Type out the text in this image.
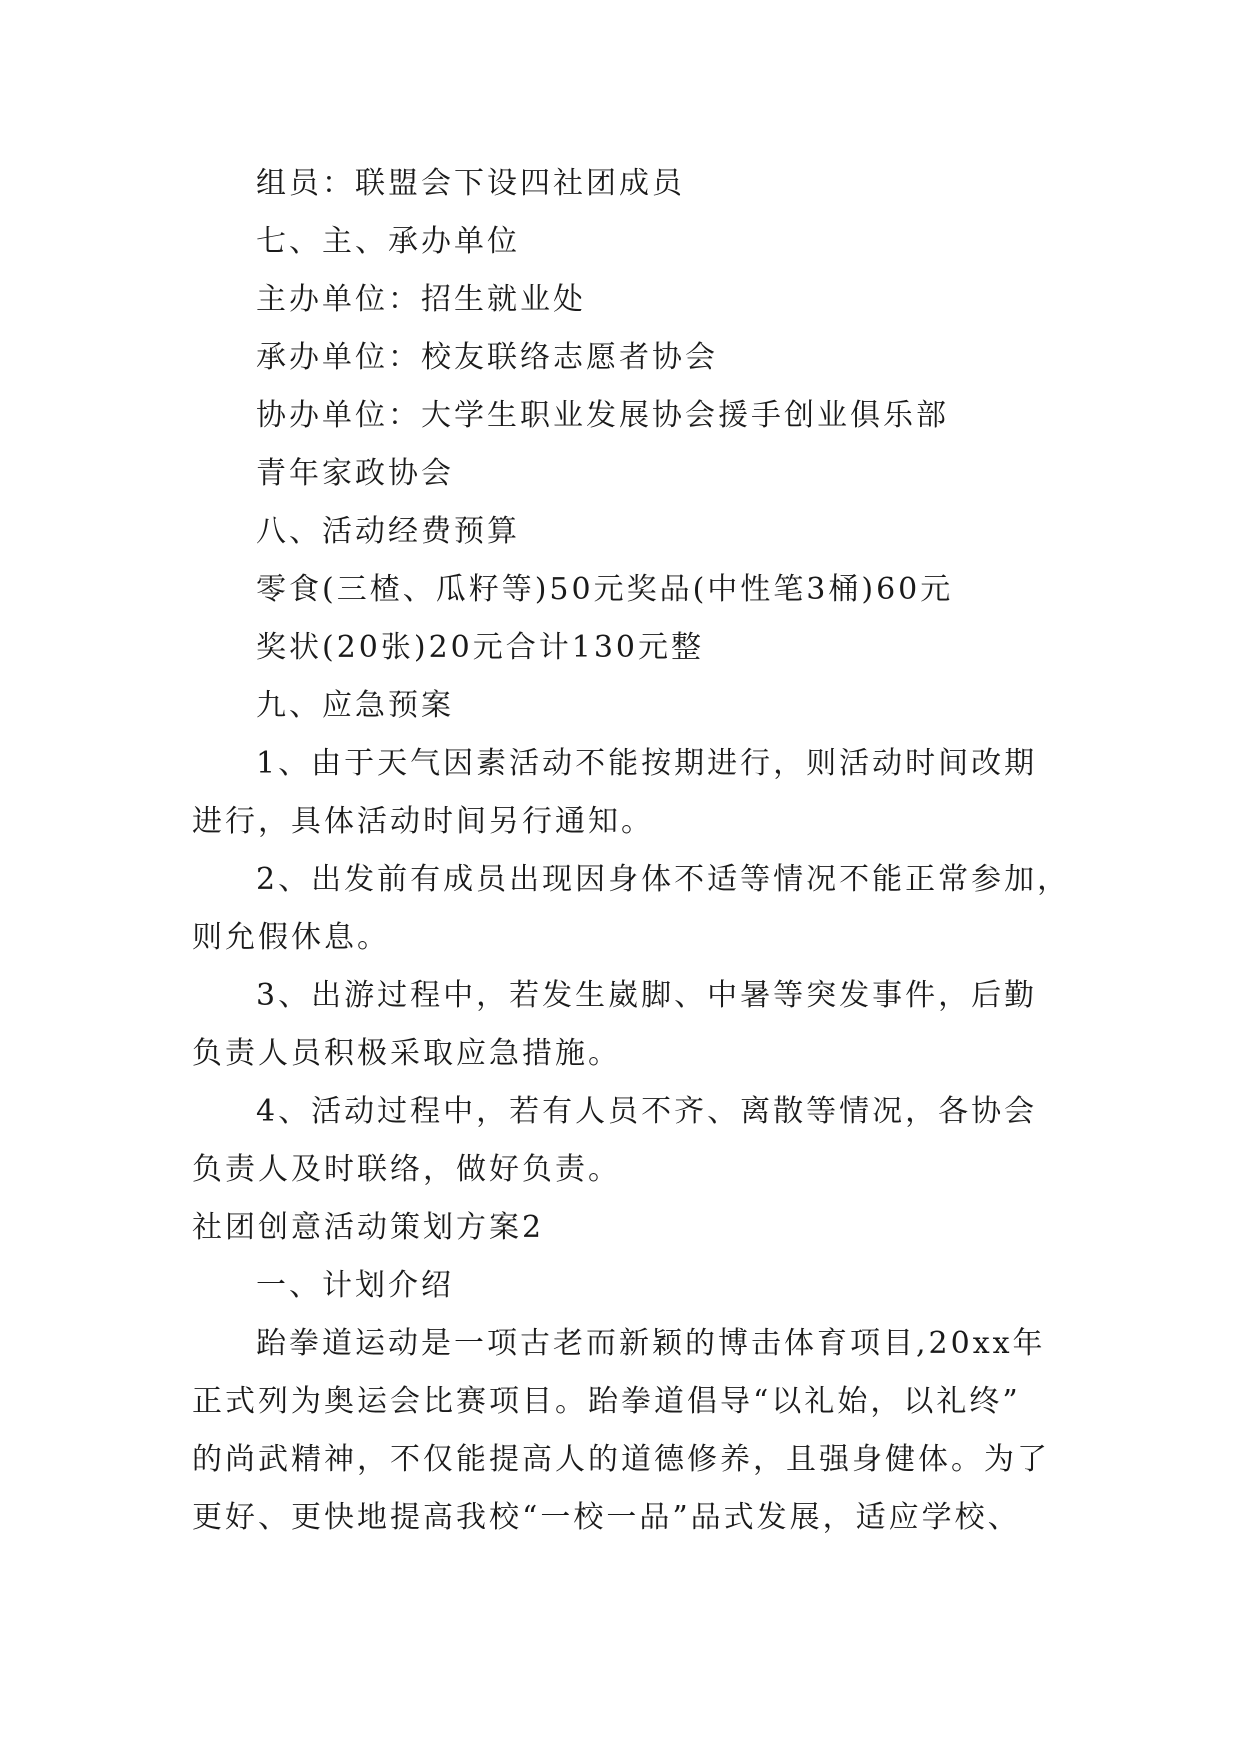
组员：联盟会下设四社团成员
七、主、承办单位
主办单位：招生就业处
承办单位：校友联络志愿者协会
协办单位：大学生职业发展协会援手创业俱乐部
青年家政协会
八、活动经费预算
零食(三楂、瓜籽等)50元奖品(中性笔3桶)60元
奖状(20张)20元合计130元整
九、应急预案
1、由于天气因素活动不能按期进行，则活动时间改期
进行，具体活动时间另行通知。
2、出发前有成员出现因身体不适等情况不能正常参加，
则允假休息。
3、出游过程中，若发生崴脚、中暑等突发事件，后勤
负责人员积极采取应急措施。
4、活动过程中，若有人员不齐、离散等情况，各协会
负责人及时联络，做好负责。
社团创意活动策划方案2
一、计划介绍
跆拳道运动是一项古老而新颖的博击体育项目,20xx年
正式列为奥运会比赛项目。跆拳道倡导“以礼始，以礼终”
的尚武精神，不仅能提高人的道德修养，且强身健体。为了
更好、更快地提高我校“一校一品”品式发展，适应学校、
